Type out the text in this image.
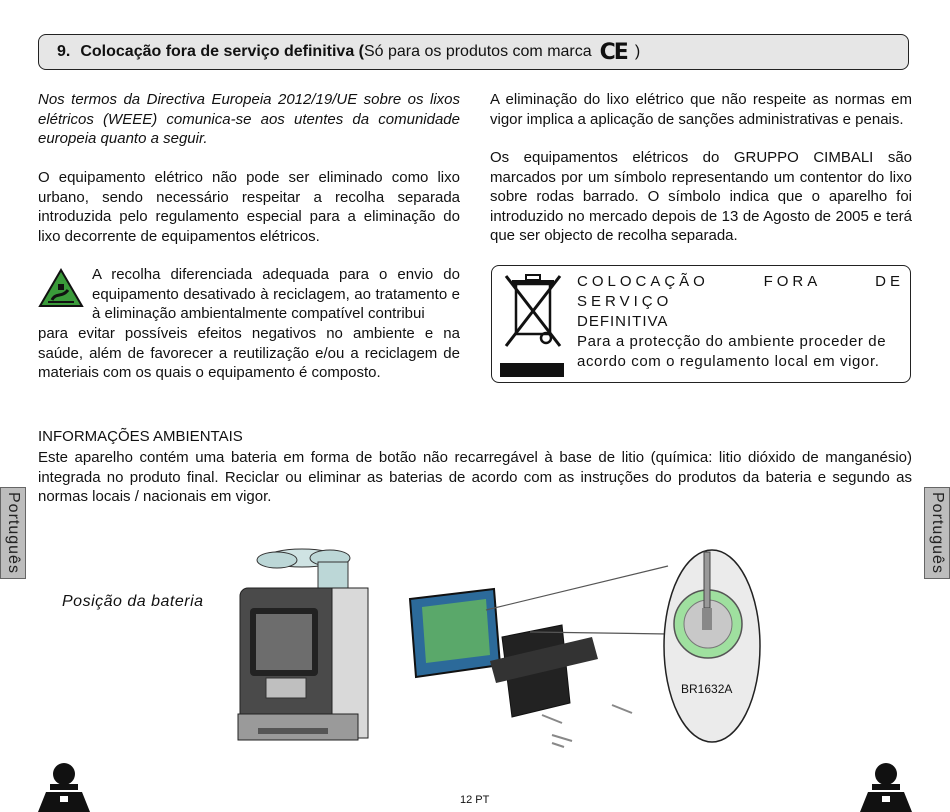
9. Colocação fora de serviço definitiva ( Só para os produtos com marca CE )
Nos termos da Directiva Europeia 2012/19/UE sobre os lixos elétricos (WEEE) comunica-se aos utentes da comunidade europeia quanto a seguir.
O equipamento elétrico não pode ser eliminado como lixo urbano, sendo necessário respeitar a recolha separada introduzida pelo regulamento especial para a eliminação do lixo decorrente de equipamentos elétricos.
A recolha diferenciada adequada para o envio do equipamento desativado à reciclagem, ao tratamento e à eliminação ambientalmente compatível contribui
para evitar possíveis efeitos negativos no ambiente e na saúde, além de favorecer a reutilização e/ou a reciclagem de materiais com os quais o equipamento é composto.
A eliminação do lixo elétrico que não respeite as normas em vigor implica a aplicação de sanções administrativas e penais.
Os equipamentos elétricos do GRUPPO CIMBALI são marcados por um símbolo representando um contentor do lixo sobre rodas barrado. O símbolo indica que o aparelho foi introduzido no mercado depois de 13 de Agosto de 2005 e terá que ser objecto de recolha separada.
COLOCAÇÃO FORA DE SERVIÇO
DEFINITIVA
Para a protecção do ambiente proceder de acordo com o regulamento local em vigor.
INFORMAÇÕES AMBIENTAIS
Este aparelho contém uma bateria em forma de botão não recarregável à base de litio (química: litio dióxido de manganésio) integrada no produto final. Reciclar ou eliminar as baterias de acordo com as instruções do produtos da bateria e segundo as normas locais / nacionais em vigor.
Português	Português
Posição da bateria
BR1632A
12 PT
